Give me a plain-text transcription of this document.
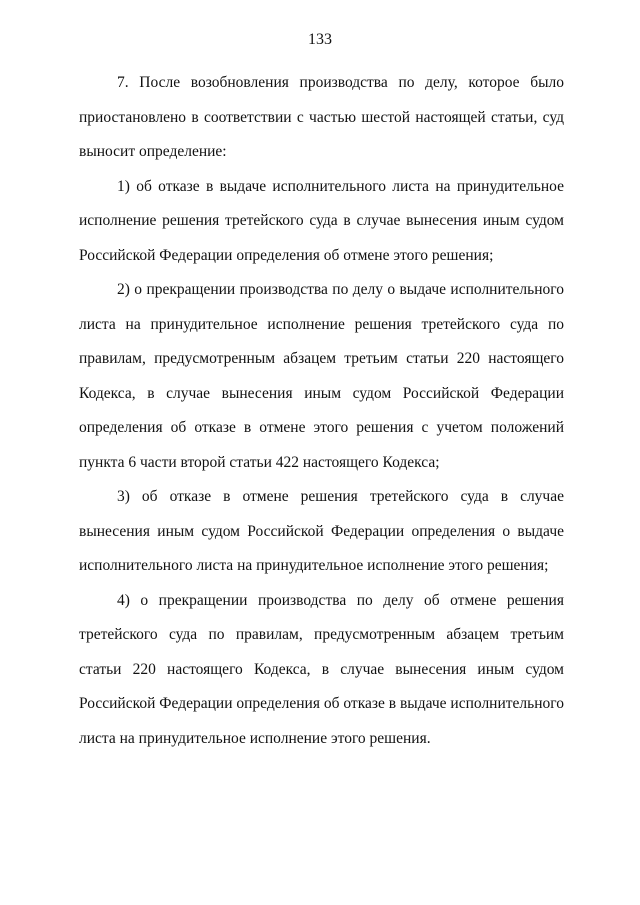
133

7. После возобновления производства по делу, которое было приостановлено в соответствии с частью шестой настоящей статьи, суд выносит определение:

1) об отказе в выдаче исполнительного листа на принудительное исполнение решения третейского суда в случае вынесения иным судом Российской Федерации определения об отмене этого решения;

2) о прекращении производства по делу о выдаче исполнительного листа на принудительное исполнение решения третейского суда по правилам, предусмотренным абзацем третьим статьи 220 настоящего Кодекса, в случае вынесения иным судом Российской Федерации определения об отказе в отмене этого решения с учетом положений пункта 6 части второй статьи 422 настоящего Кодекса;

3) об отказе в отмене решения третейского суда в случае вынесения иным судом Российской Федерации определения о выдаче исполнительного листа на принудительное исполнение этого решения;

4) о прекращении производства по делу об отмене решения третейского суда по правилам, предусмотренным абзацем третьим статьи 220 настоящего Кодекса, в случае вынесения иным судом Российской Федерации определения об отказе в выдаче исполнительного листа на принудительное исполнение этого решения.
